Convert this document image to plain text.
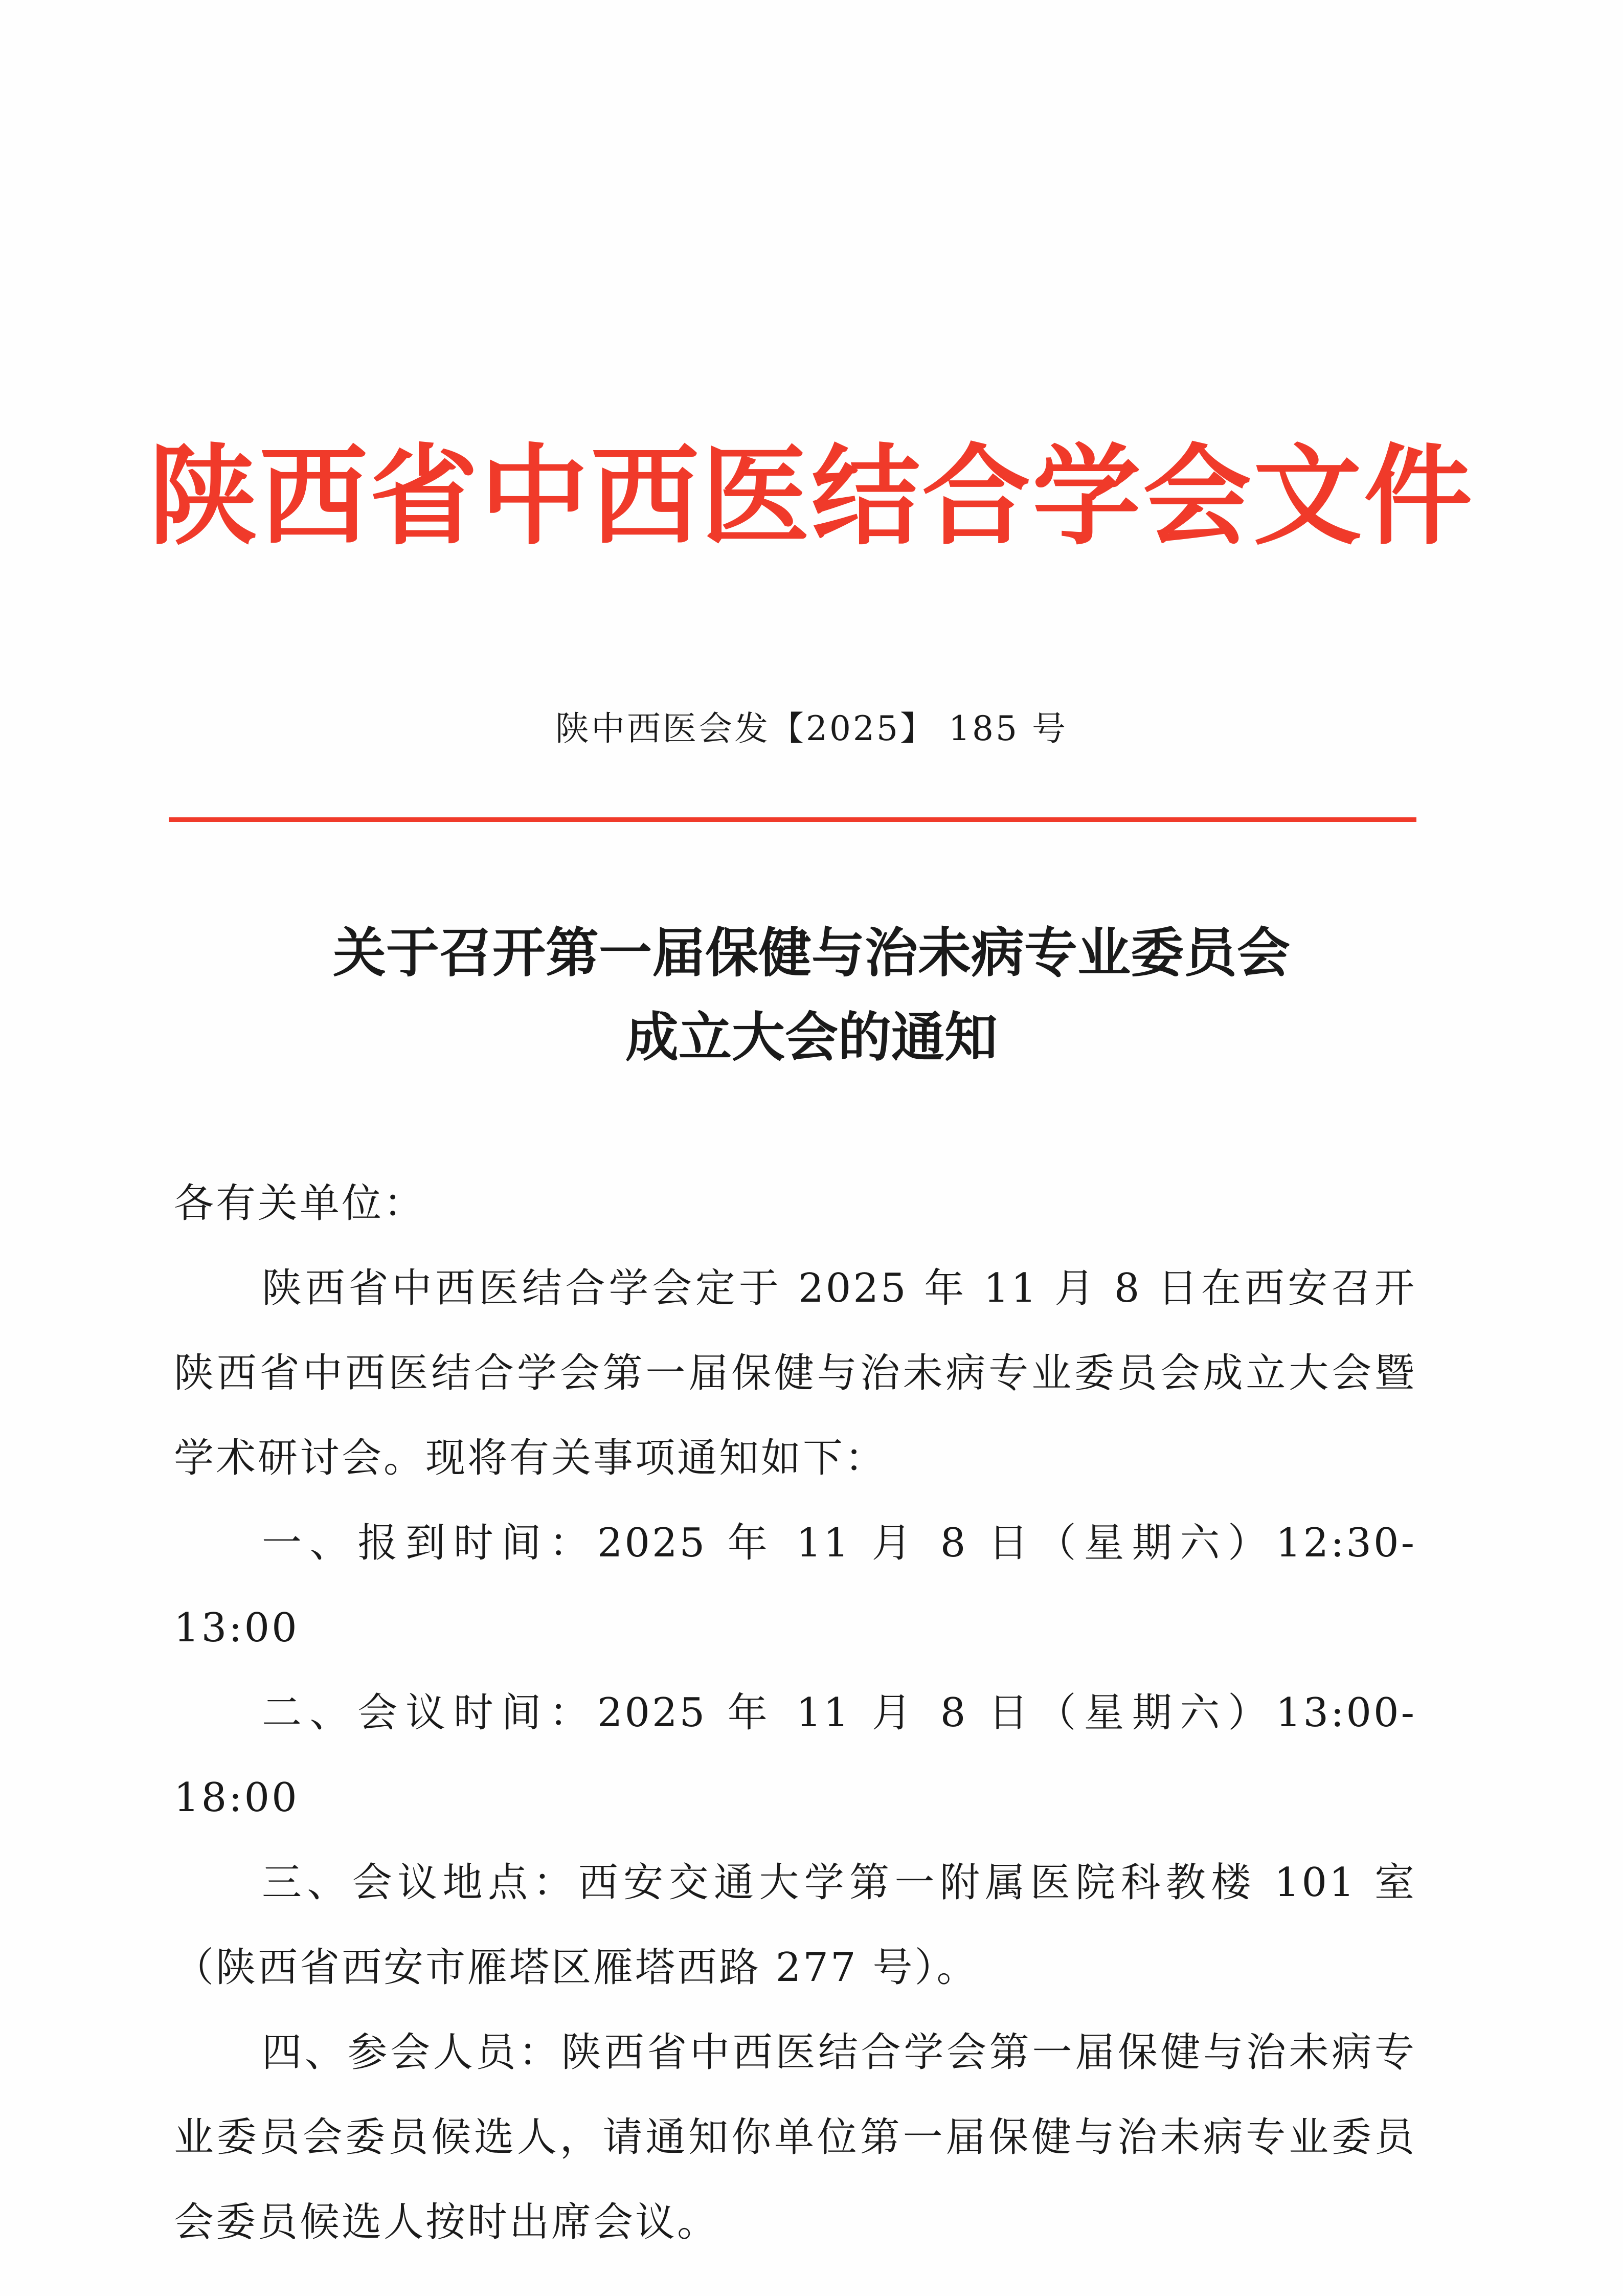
陕西省中西医结合学会文件
陕中西医会发【2025】 185 号
关于召开第一届保健与治未病专业委员会
成立大会的通知

各有关单位：

陕西省中西医结合学会定于 2025 年 11 月 8 日在西安召开陕西省中西医结合学会第一届保健与治未病专业委员会成立大会暨学术研讨会。现将有关事项通知如下：

一、报到时间：2025 年 11 月 8 日（星期六）12:30-13:00

二、会议时间：2025 年 11 月 8 日（星期六）13:00-18:00

三、会议地点：西安交通大学第一附属医院科教楼 101 室（陕西省西安市雁塔区雁塔西路 277 号）。

四、参会人员：陕西省中西医结合学会第一届保健与治未病专业委员会委员候选人，请通知你单位第一届保健与治未病专业委员会委员候选人按时出席会议。
